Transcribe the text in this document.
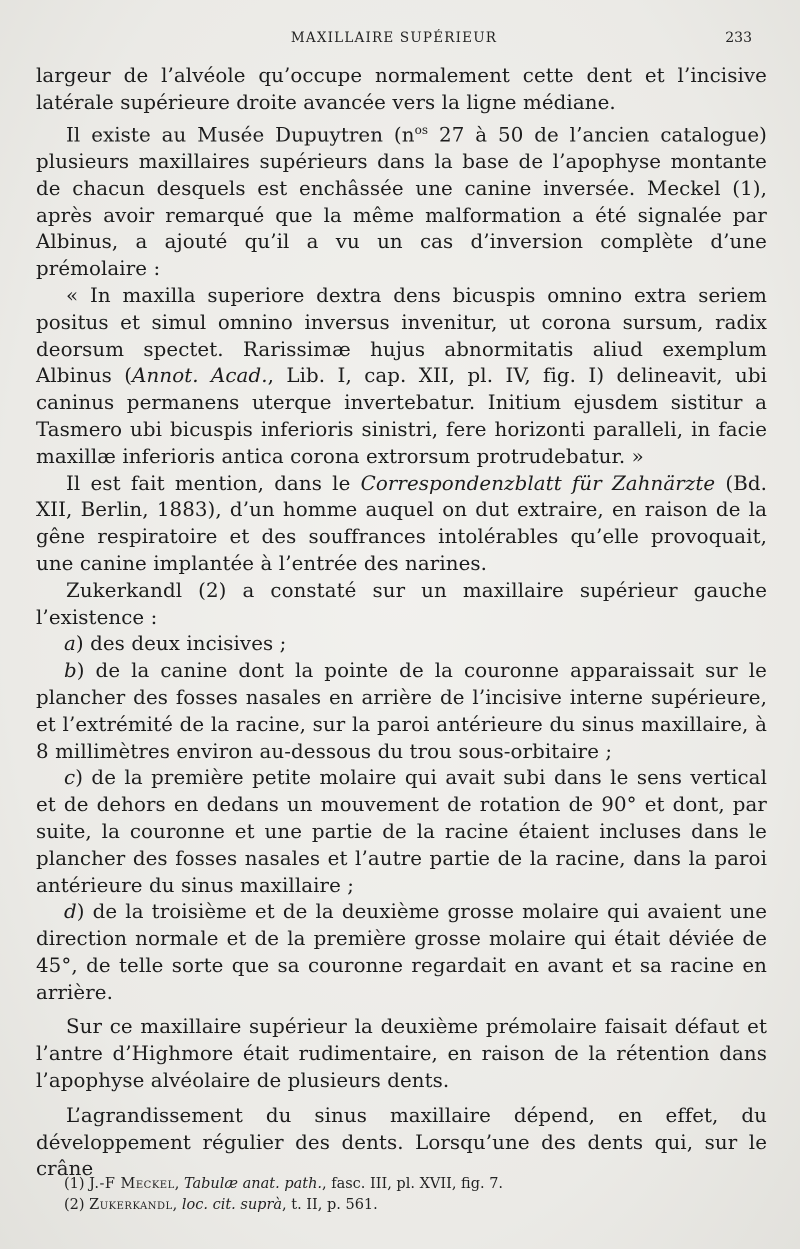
MAXILLAIRE SUPÉRIEUR	233

largeur de l’alvéole qu’occupe normalement cette dent et l’incisive latérale supérieure droite avancée vers la ligne médiane.

Il existe au Musée Dupuytren ($n^{os}$ 27 à 50 de l’ancien catalogue) plusieurs maxillaires supérieurs dans la base de l’apophyse montante de chacun desquels est enchâssée une canine inversée. Meckel (1), après avoir remarqué que la même malformation a été signalée par Albinus, a ajouté qu’il a vu un cas d’inversion complète d’une prémolaire :

« In maxilla superiore dextra dens bicuspis omnino extra seriem positus et simul omnino inversus invenitur, ut corona sursum, radix deorsum spectet. Rarissimæ hujus abnormitatis aliud exemplum Albinus (Annot. Acad., Lib. I, cap. XII, pl. IV, fig. I) delineavit, ubi caninus permanens uterque invertebatur. Initium ejusdem sistitur a Tasmero ubi bicuspis inferioris sinistri, fere horizonti paralleli, in facie maxillæ inferioris antica corona extrorsum protrudebatur. »

Il est fait mention, dans le Correspondenzblatt für Zahnärzte (Bd. XII, Berlin, 1883), d’un homme auquel on dut extraire, en raison de la gêne respiratoire et des souffrances intolérables qu’elle provoquait, une canine implantée à l’entrée des narines.

Zukerkandl (2) a constaté sur un maxillaire supérieur gauche l’existence :

a) des deux incisives ;

b) de la canine dont la pointe de la couronne apparaissait sur le plancher des fosses nasales en arrière de l’incisive interne supérieure, et l’extrémité de la racine, sur la paroi antérieure du sinus maxillaire, à 8 millimètres environ au-dessous du trou sous-orbitaire ;

c) de la première petite molaire qui avait subi dans le sens vertical et de dehors en dedans un mouvement de rotation de 90° et dont, par suite, la couronne et une partie de la racine étaient incluses dans le plancher des fosses nasales et l’autre partie de la racine, dans la paroi antérieure du sinus maxillaire ;

d) de la troisième et de la deuxième grosse molaire qui avaient une direction normale et de la première grosse molaire qui était déviée de 45°, de telle sorte que sa couronne regardait en avant et sa racine en arrière.

Sur ce maxillaire supérieur la deuxième prémolaire faisait défaut et l’antre d’Highmore était rudimentaire, en raison de la rétention dans l’apophyse alvéolaire de plusieurs dents.

L’agrandissement du sinus maxillaire dépend, en effet, du développement régulier des dents. Lorsqu’une des dents qui, sur le crâne

(1) J.-F Meckel, Tabulæ anat. path., fasc. III, pl. XVII, fig. 7.

(2) Zukerkandl, loc. cit. suprà, t. II, p. 561.
